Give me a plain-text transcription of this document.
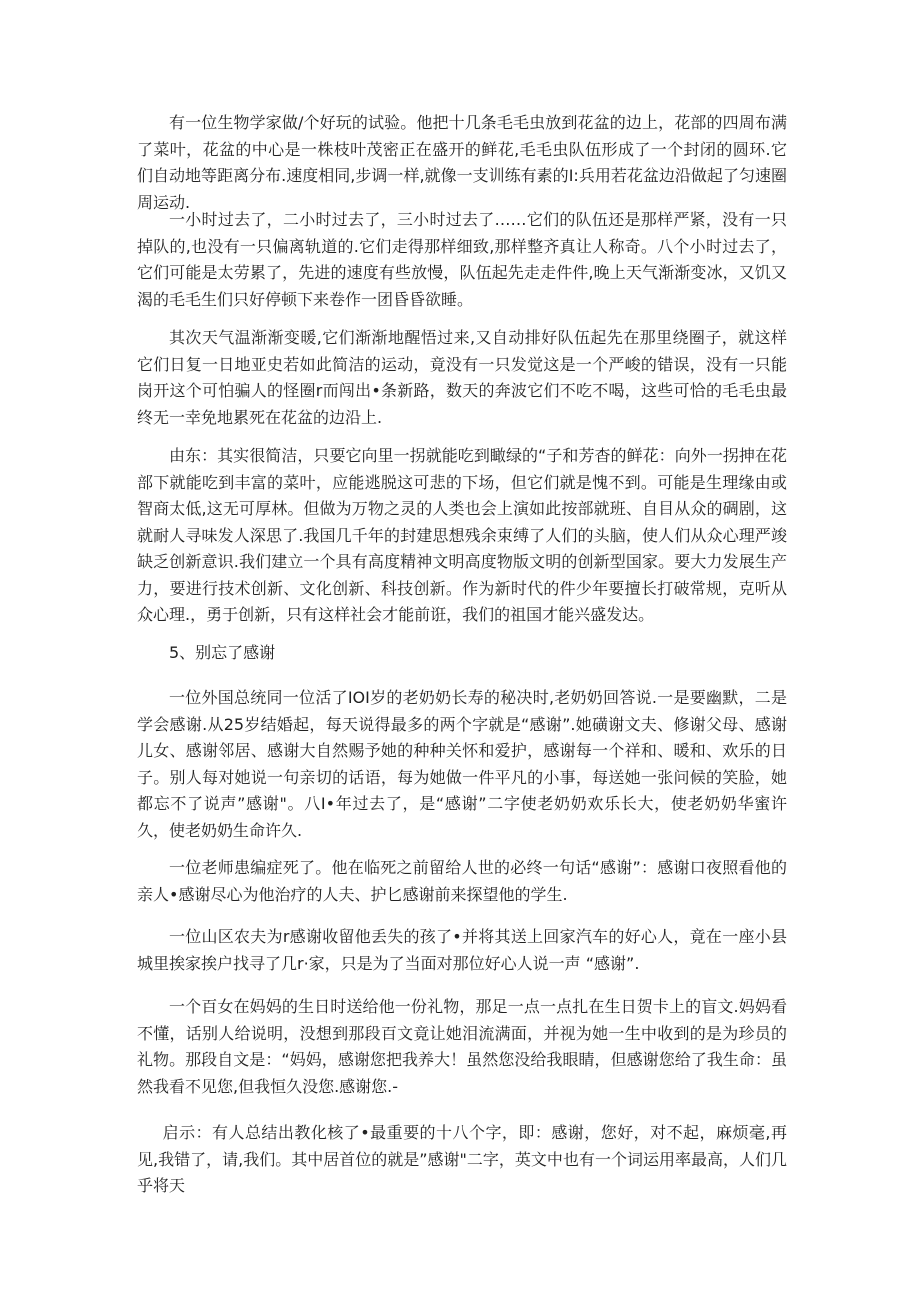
有一位生物学家做/个好玩的试验。他把十几条毛毛虫放到花盆的边上，花部的四周布满了菜叶，花盆的中心是一株枝叶茂密正在盛开的鲜花,毛毛虫队伍形成了一个封闭的圆环.它们自动地等距离分布.速度相同,步调一样,就像一支训练有素的I:兵用若花盆边沿做起了匀速圈周运动.

一小时过去了，二小时过去了，三小时过去了……它们的队伍还是那样严紧，没有一只掉队的,也没有一只偏离轨道的.它们走得那样细致,那样整齐真让人称奇。八个小时过去了，它们可能是太劳累了，先进的速度有些放慢，队伍起先走走件件,晚上天气渐渐变冰，又饥又渴的毛毛生们只好停顿下来卷作一团昏昏欲睡。

其次天气温渐渐变暖,它们渐渐地醒悟过来,又自动排好队伍起先在那里绕圈子，就这样它们日复一日地亚史若如此简洁的运动，竟没有一只发觉这是一个严峻的错误，没有一只能岗开这个可怕骗人的怪圈r而闯出•条新路，数天的奔波它们不吃不喝，这些可恰的毛毛虫最终无一幸免地累死在花盆的边沿上.

由东：其实很简洁，只要它向里一拐就能吃到瞰绿的“子和芳杳的鲜花：向外一拐抻在花部下就能吃到丰富的菜叶，应能逃脱这可悲的下场，但它们就是愧不到。可能是生理缘由或智商太低,这无可厚林。但做为万物之灵的人类也会上演如此按部就班、自目从众的碉剧，这就耐人寻味发人深思了.我国几千年的封建思想残余束缚了人们的头脑，使人们从众心理严竣缺乏创新意识.我们建立一个具有高度精神文明高度物版文明的创新型国家。要大力发展生产力，要进行技术创新、文化创新、科技创新。作为新时代的件少年要擅长打破常规，克听从众心理.，勇于创新，只有这样社会才能前诳，我们的祖国才能兴盛发达。

5、别忘了感谢

一位外国总统同一位活了IOI岁的老奶奶长寿的秘决时,老奶奶回答说.一是要幽默，二是学会感谢.从25岁结婚起，每天说得最多的两个字就是“感谢”.她磺谢文夫、修谢父母、感谢儿女、感谢邻居、感谢大自然赐予她的种种关怀和爱护，感谢每一个祥和、暖和、欢乐的日子。别人每对她说一句亲切的话语，每为她做一件平凡的小事，每送她一张问候的笑脸，她都忘不了说声”感谢"。八I•年过去了，是“感谢”二字使老奶奶欢乐长大，使老奶奶华蜜许久，使老奶奶生命许久.

一位老师患编症死了。他在临死之前留给人世的必终一句话“感谢”：感谢口夜照看他的亲人•感谢尽心为他治疗的人夫、护匕感谢前来探望他的学生.

一位山区农夫为r感谢收留他丢失的孩了•并将其送上回家汽车的好心人，竟在一座小县城里挨家挨户找寻了几r·家，只是为了当面对那位好心人说一声 “感谢”.

一个百女在妈妈的生日时送给他一份礼物，那足一点一点扎在生日贺卡上的盲文.妈妈看不懂，话别人给说明，没想到那段百文竟让她泪流满面，并视为她一生中收到的是为珍员的礼物。那段自文是：“妈妈，感谢您把我养大！虽然您没给我眼睛，但感谢您给了我生命：虽然我看不见您,但我恒久没您.感谢您.-

启示：有人总结出教化核了•最重要的十八个字，即：感谢，您好，对不起，麻烦毫,再见,我错了，请,我们。其中居首位的就是”感谢"二字，英文中也有一个词运用率最高，人们几乎将天
